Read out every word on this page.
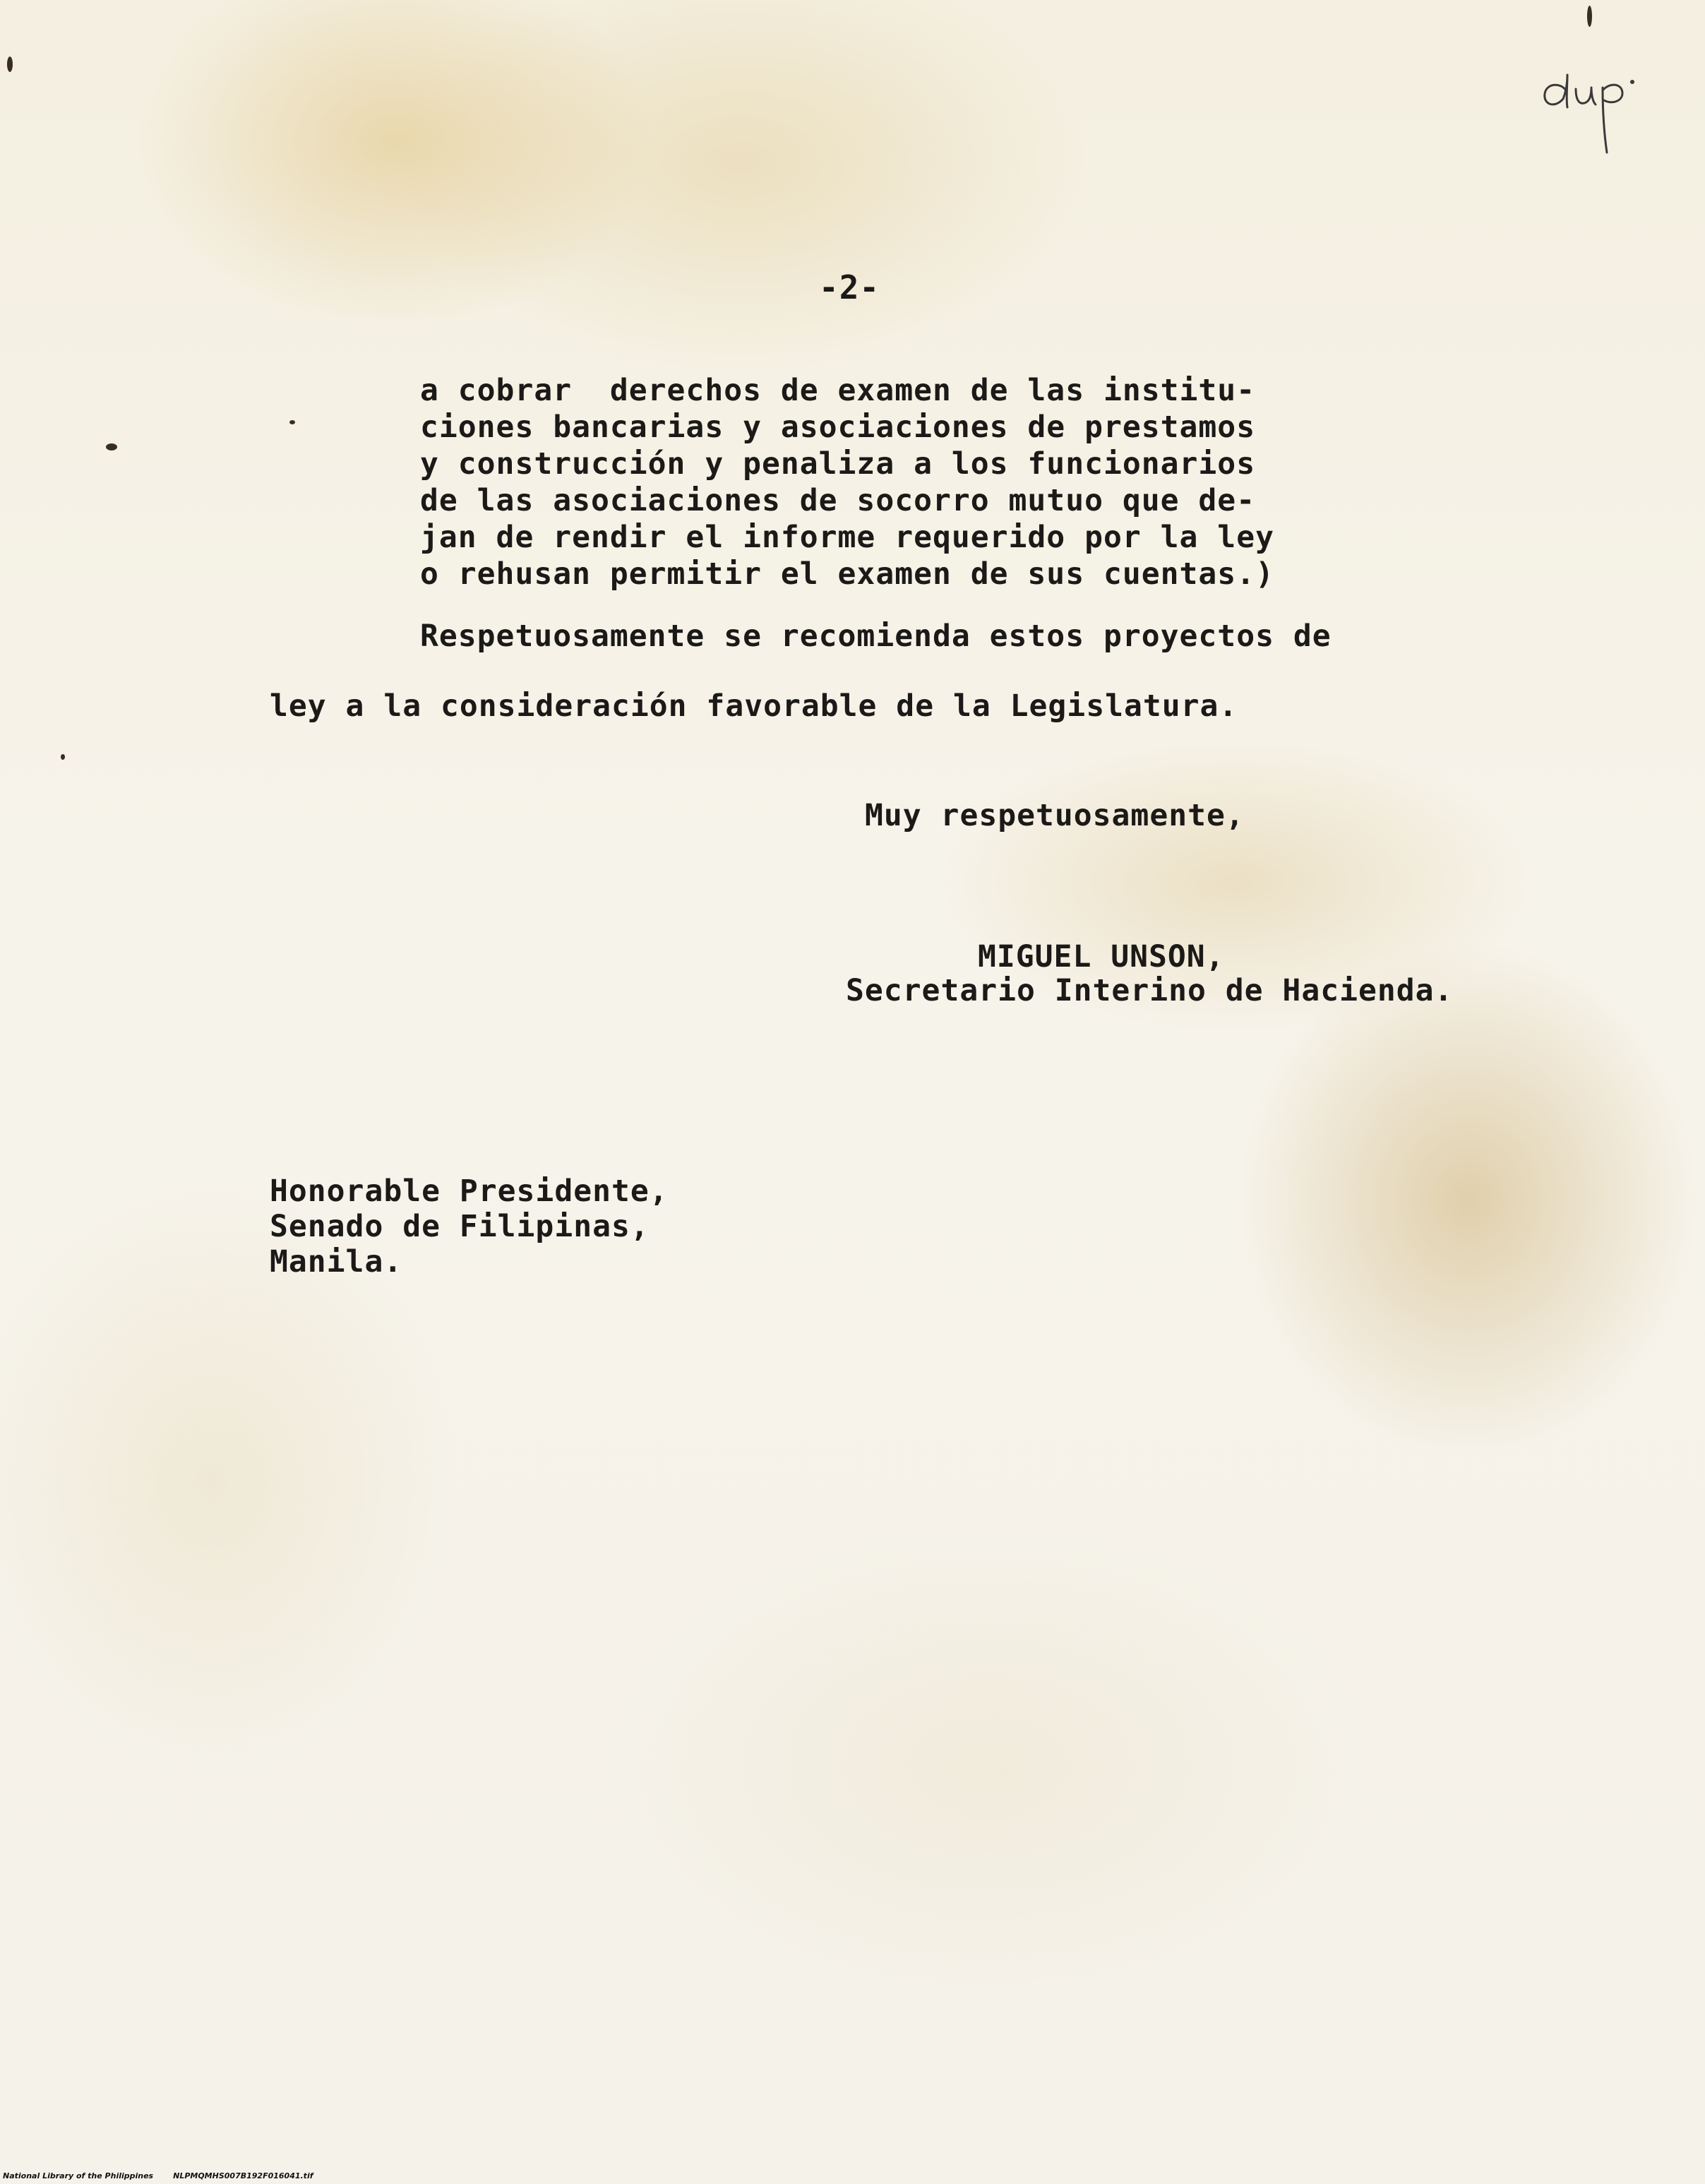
-2-
a cobrar  derechos de examen de las institu-
ciones bancarias y asociaciones de prestamos
y construcción y penaliza a los funcionarios
de las asociaciones de socorro mutuo que de-
jan de rendir el informe requerido por la ley
o rehusan permitir el examen de sus cuentas.)
Respetuosamente se recomienda estos proyectos de
ley a la consideración favorable de la Legislatura.
Muy respetuosamente,
MIGUEL UNSON,
Secretario Interino de Hacienda.
Honorable Presidente,
Senado de Filipinas,
Manila.
National Library of the Philippines	NLPMQMHS007B192F016041.tif
